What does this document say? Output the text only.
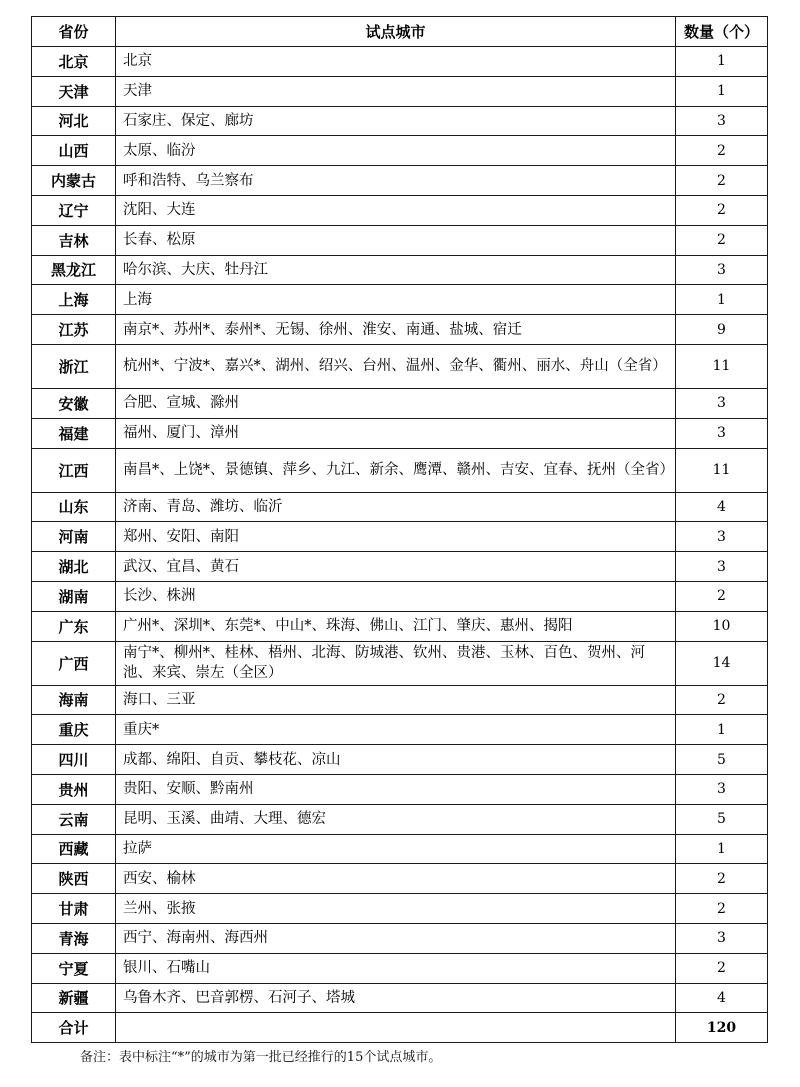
省份	试点城市	数量（个）
北京	北京	1
天津	天津	1
河北	石家庄、保定、廊坊	3
山西	太原、临汾	2
内蒙古	呼和浩特、乌兰察布	2
辽宁	沈阳、大连	2
吉林	长春、松原	2
黑龙江	哈尔滨、大庆、牡丹江	3
上海	上海	1
江苏	南京*、苏州*、泰州*、无锡、徐州、淮安、南通、盐城、宿迁	9
浙江	杭州*、宁波*、嘉兴*、湖州、绍兴、台州、温州、金华、衢州、丽水、舟山（全省）	11
安徽	合肥、宣城、滁州	3
福建	福州、厦门、漳州	3
江西	南昌*、上饶*、景德镇、萍乡、九江、新余、鹰潭、赣州、吉安、宜春、抚州（全省）	11
山东	济南、青岛、潍坊、临沂	4
河南	郑州、安阳、南阳	3
湖北	武汉、宜昌、黄石	3
湖南	长沙、株洲	2
广东	广州*、深圳*、东莞*、中山*、珠海、佛山、江门、肇庆、惠州、揭阳	10
广西	南宁*、柳州*、桂林、梧州、北海、防城港、钦州、贵港、玉林、百色、贺州、河池、来宾、崇左（全区）	14
海南	海口、三亚	2
重庆	重庆*	1
四川	成都、绵阳、自贡、攀枝花、凉山	5
贵州	贵阳、安顺、黔南州	3
云南	昆明、玉溪、曲靖、大理、德宏	5
西藏	拉萨	1
陕西	西安、榆林	2
甘肃	兰州、张掖	2
青海	西宁、海南州、海西州	3
宁夏	银川、石嘴山	2
新疆	乌鲁木齐、巴音郭楞、石河子、塔城	4
合计		120
备注：表中标注“*”的城市为第一批已经推行的15个试点城市。
